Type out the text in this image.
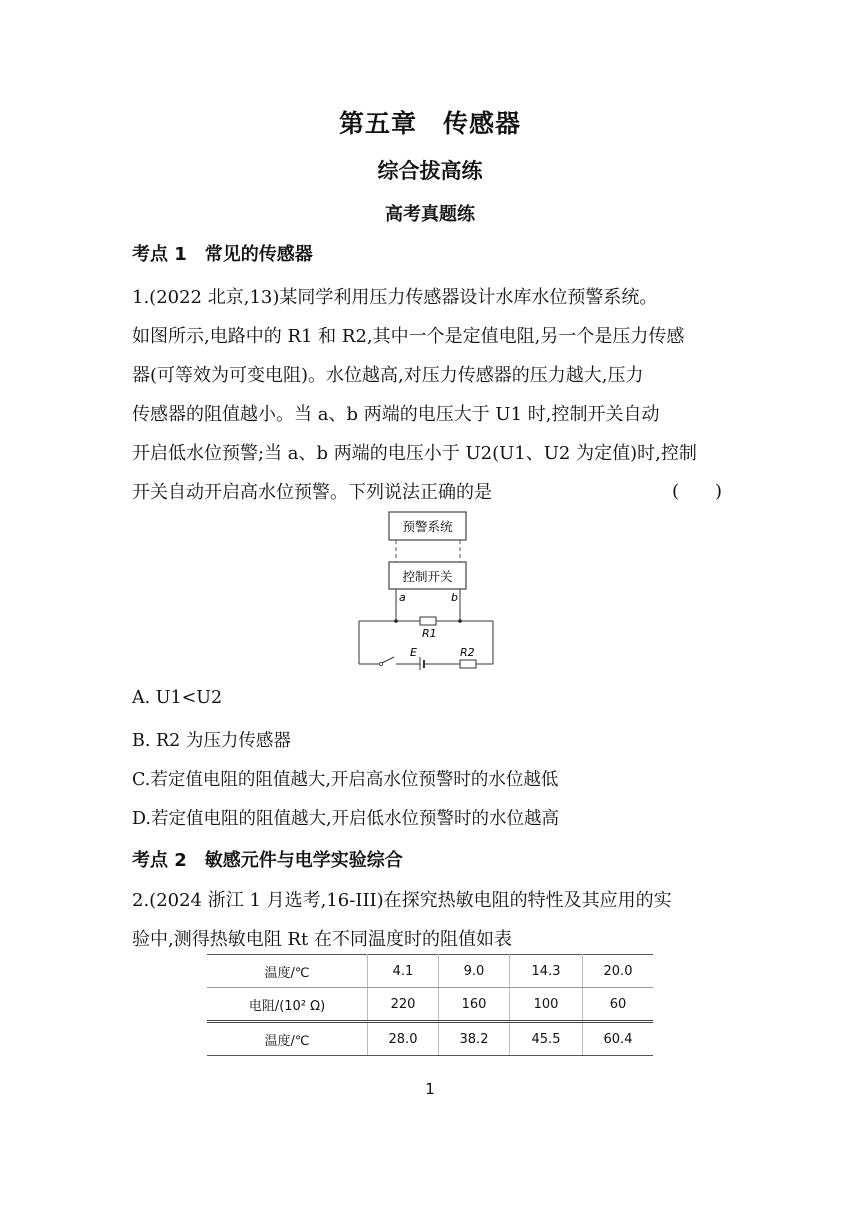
第五章　传感器
综合拔高练
高考真题练
考点 1　常见的传感器
1.(2022 北京,13)某同学利用压力传感器设计水库水位预警系统。
如图所示,电路中的 R1 和 R2,其中一个是定值电阻,另一个是压力传感
器(可等效为可变电阻)。水位越高,对压力传感器的压力越大,压力
传感器的阻值越小。当 a、b 两端的电压大于 U1 时,控制开关自动
开启低水位预警;当 a、b 两端的电压小于 U2(U1、U2 为定值)时,控制
开关自动开启高水位预警。下列说法正确的是	(　　)
预警系统
控制开关
a	b
R1
E	R2
A. U1<U2
B. R2 为压力传感器
C.若定值电阻的阻值越大,开启高水位预警时的水位越低
D.若定值电阻的阻值越大,开启低水位预警时的水位越高
考点 2　敏感元件与电学实验综合
2.(2024 浙江 1 月选考,16-III)在探究热敏电阻的特性及其应用的实
验中,测得热敏电阻 Rt 在不同温度时的阻值如表
温度/℃	4.1	9.0	14.3	20.0
电阻/(10² Ω)	220	160	100	60
温度/℃	28.0	38.2	45.5	60.4
1
